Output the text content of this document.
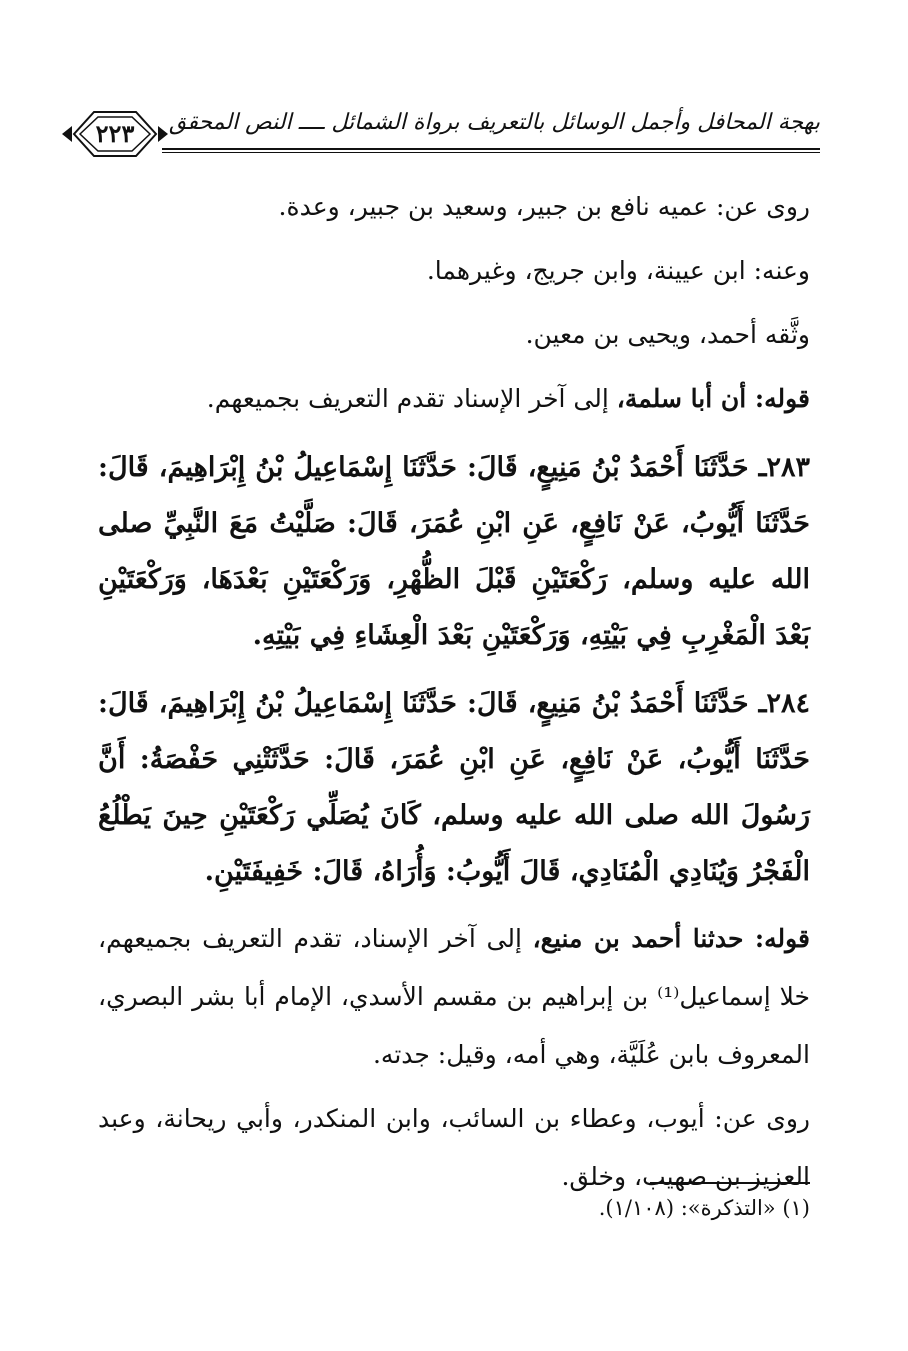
بهجة المحافل وأجمل الوسائل بالتعريف برواة الشمائل ــــ النص المحقق
٢٢٣

روى عن: عميه نافع بن جبير، وسعيد بن جبير، وعدة.

وعنه: ابن عيينة، وابن جريج، وغيرهما.

وثَّقه أحمد، ويحيى بن معين.

قوله: أن أبا سلمة، إلى آخر الإسناد تقدم التعريف بجميعهم.

٢٨٣ـ حَدَّثَنَا أَحْمَدُ بْنُ مَنِيعٍ، قَالَ: حَدَّثَنَا إِسْمَاعِيلُ بْنُ إِبْرَاهِيمَ، قَالَ: حَدَّثَنَا أَيُّوبُ، عَنْ نَافِعٍ، عَنِ ابْنِ عُمَرَ، قَالَ: صَلَّيْتُ مَعَ النَّبِيِّ صلى الله عليه وسلم، رَكْعَتَيْنِ قَبْلَ الظُّهْرِ، وَرَكْعَتَيْنِ بَعْدَهَا، وَرَكْعَتَيْنِ بَعْدَ الْمَغْرِبِ فِي بَيْتِهِ، وَرَكْعَتَيْنِ بَعْدَ الْعِشَاءِ فِي بَيْتِهِ.

٢٨٤ـ حَدَّثَنَا أَحْمَدُ بْنُ مَنِيعٍ، قَالَ: حَدَّثَنَا إِسْمَاعِيلُ بْنُ إِبْرَاهِيمَ، قَالَ: حَدَّثَنَا أَيُّوبُ، عَنْ نَافِعٍ، عَنِ ابْنِ عُمَرَ، قَالَ: حَدَّثَتْنِي حَفْصَةُ: أَنَّ رَسُولَ الله صلى الله عليه وسلم، كَانَ يُصَلِّي رَكْعَتَيْنِ حِينَ يَطْلُعُ الْفَجْرُ وَيُنَادِي الْمُنَادِي، قَالَ أَيُّوبُ: وَأُرَاهُ، قَالَ: خَفِيفَتَيْنِ.

قوله: حدثنا أحمد بن منيع، إلى آخر الإسناد، تقدم التعريف بجميعهم، خلا إسماعيل⁽¹⁾ بن إبراهيم بن مقسم الأسدي، الإمام أبا بشر البصري، المعروف بابن عُلَيَّة، وهي أمه، وقيل: جدته.

روى عن: أيوب، وعطاء بن السائب، وابن المنكدر، وأبي ريحانة، وعبد العزيز بن صهيب، وخلق.

(١) «التذكرة»: (١/١٠٨).
